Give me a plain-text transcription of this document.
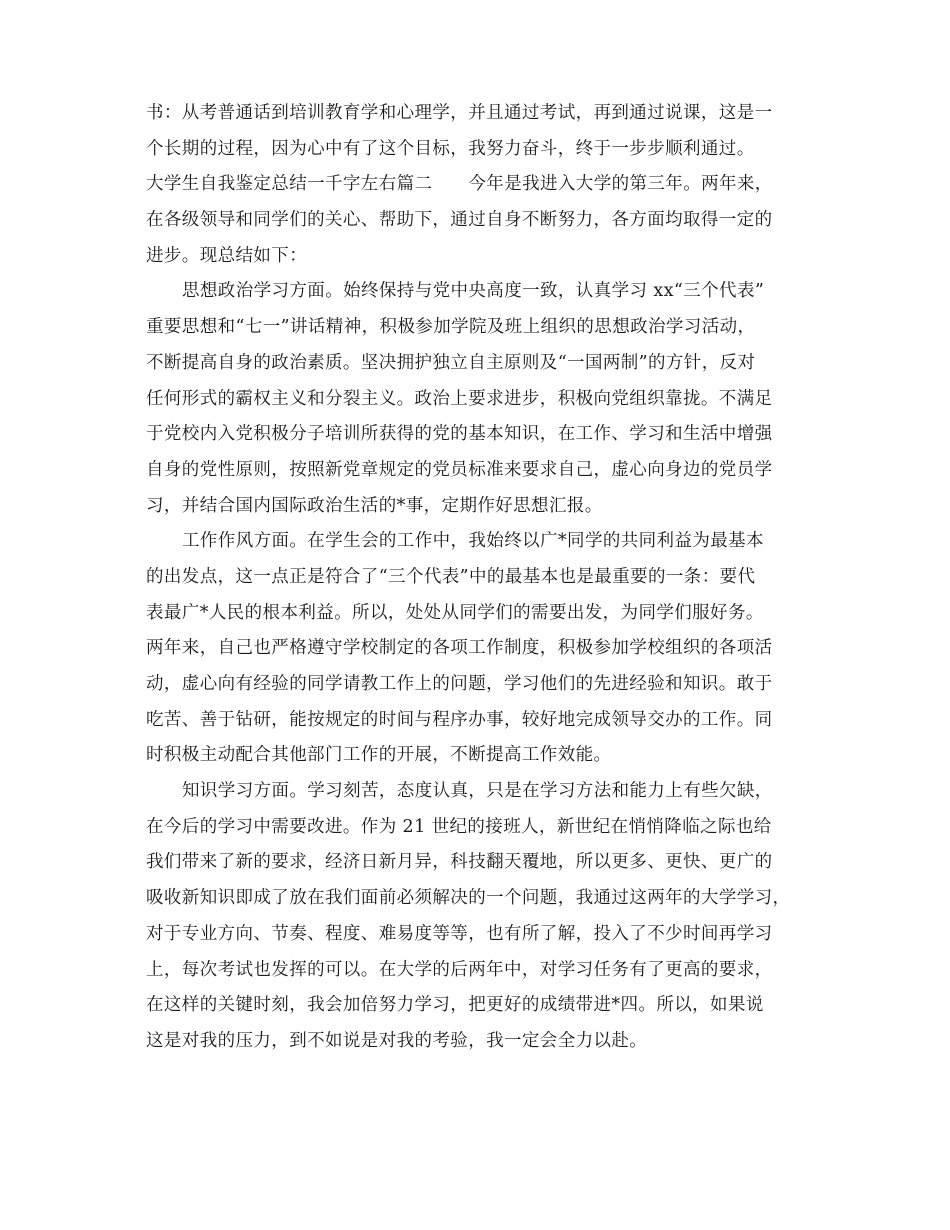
书：从考普通话到培训教育学和心理学，并且通过考试，再到通过说课，这是一
个长期的过程，因为心中有了这个目标，我努力奋斗，终于一步步顺利通过。
大学生自我鉴定总结一千字左右篇二 今年是我进入大学的第三年。两年来，
在各级领导和同学们的关心、帮助下，通过自身不断努力，各方面均取得一定的
进步。现总结如下：
思想政治学习方面。始终保持与党中央高度一致，认真学习 xx“三个代表”
重要思想和“七一”讲话精神，积极参加学院及班上组织的思想政治学习活动，
不断提高自身的政治素质。坚决拥护独立自主原则及“一国两制”的方针，反对
任何形式的霸权主义和分裂主义。政治上要求进步，积极向党组织靠拢。不满足
于党校内入党积极分子培训所获得的党的基本知识，在工作、学习和生活中增强
自身的党性原则，按照新党章规定的党员标准来要求自己，虚心向身边的党员学
习，并结合国内国际政治生活的*事，定期作好思想汇报。
工作作风方面。在学生会的工作中，我始终以广*同学的共同利益为最基本
的出发点，这一点正是符合了“三个代表”中的最基本也是最重要的一条：要代
表最广*人民的根本利益。所以，处处从同学们的需要出发，为同学们服好务。
两年来，自己也严格遵守学校制定的各项工作制度，积极参加学校组织的各项活
动，虚心向有经验的同学请教工作上的问题，学习他们的先进经验和知识。敢于
吃苦、善于钻研，能按规定的时间与程序办事，较好地完成领导交办的工作。同
时积极主动配合其他部门工作的开展，不断提高工作效能。
知识学习方面。学习刻苦，态度认真，只是在学习方法和能力上有些欠缺，
在今后的学习中需要改进。作为 21 世纪的接班人，新世纪在悄悄降临之际也给
我们带来了新的要求，经济日新月异，科技翻天覆地，所以更多、更快、更广的
吸收新知识即成了放在我们面前必须解决的一个问题，我通过这两年的大学学习，
对于专业方向、节奏、程度、难易度等等，也有所了解，投入了不少时间再学习
上，每次考试也发挥的可以。在大学的后两年中，对学习任务有了更高的要求，
在这样的关键时刻，我会加倍努力学习，把更好的成绩带进*四。所以，如果说
这是对我的压力，到不如说是对我的考验，我一定会全力以赴。
